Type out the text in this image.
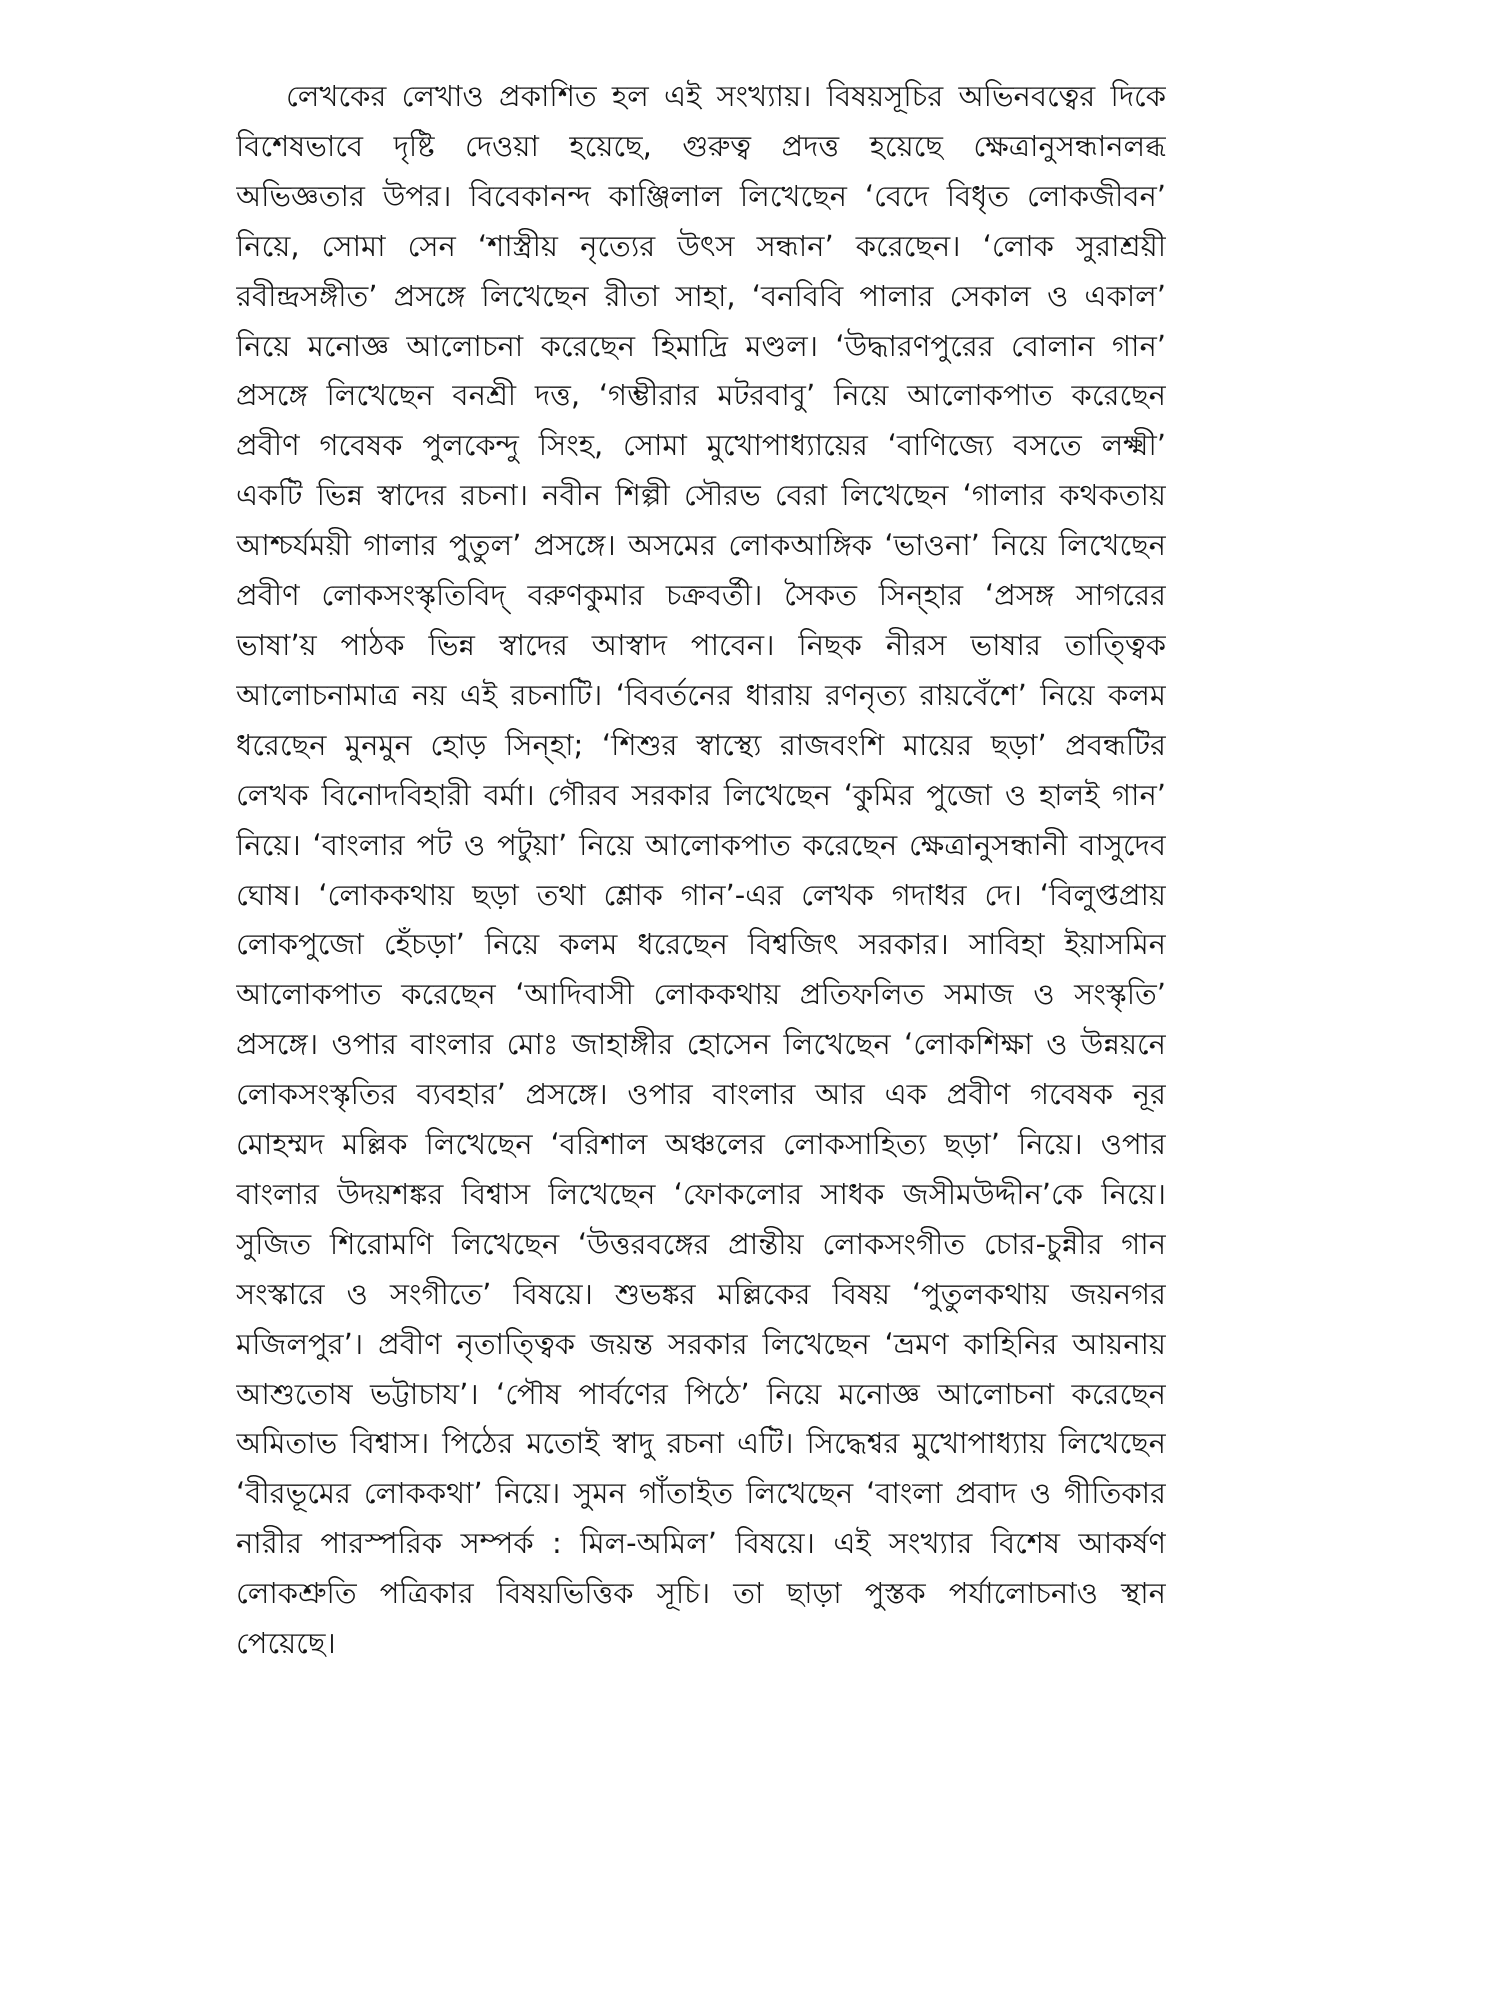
লেখকের লেখাও প্রকাশিত হল এই সংখ্যায়। বিষয়সূচির অভিনবত্বের দিকে বিশেষভাবে দৃষ্টি দেওয়া হয়েছে, গুরুত্ব প্রদত্ত হয়েছে ক্ষেত্রানুসন্ধানলব্ধ অভিজ্ঞতার উপর। বিবেকানন্দ কাঞ্জিলাল লিখেছেন ‘বেদে বিধৃত লোকজীবন’ নিয়ে, সোমা সেন ‘শাস্ত্রীয় নৃত্যের উৎস সন্ধান’ করেছেন। ‘লোক সুরাশ্রয়ী রবীন্দ্রসঙ্গীত’ প্রসঙ্গে লিখেছেন রীতা সাহা, ‘বনবিবি পালার সেকাল ও একাল’ নিয়ে মনোজ্ঞ আলোচনা করেছেন হিমাদ্রি মণ্ডল। ‘উদ্ধারণপুরের বোলান গান’ প্রসঙ্গে লিখেছেন বনশ্রী দত্ত, ‘গম্ভীরার মটরবাবু’ নিয়ে আলোকপাত করেছেন প্রবীণ গবেষক পুলকেন্দু সিংহ, সোমা মুখোপাধ্যায়ের ‘বাণিজ্যে বসতে লক্ষ্মী’ একটি ভিন্ন স্বাদের রচনা। নবীন শিল্পী সৌরভ বেরা লিখেছেন ‘গালার কথকতায় আশ্চর্যময়ী গালার পুতুল’ প্রসঙ্গে। অসমের লোকআঙ্গিক ‘ভাওনা’ নিয়ে লিখেছেন প্রবীণ লোকসংস্কৃতিবিদ্ বরুণকুমার চক্রবর্তী। সৈকত সিন্‌হার ‘প্রসঙ্গ সাগরের ভাষা’য় পাঠক ভিন্ন স্বাদের আস্বাদ পাবেন। নিছক নীরস ভাষার তাত্ত্বিক আলোচনামাত্র নয় এই রচনাটি। ‘বিবর্তনের ধারায় রণনৃত্য রায়বেঁশে’ নিয়ে কলম ধরেছেন মুনমুন হোড় সিন্‌হা; ‘শিশুর স্বাস্থ্যে রাজবংশি মায়ের ছড়া’ প্রবন্ধটির লেখক বিনোদবিহারী বর্মা। গৌরব সরকার লিখেছেন ‘কুমির পুজো ও হালই গান’ নিয়ে। ‘বাংলার পট ও পটুয়া’ নিয়ে আলোকপাত করেছেন ক্ষেত্রানুসন্ধানী বাসুদেব ঘোষ। ‘লোককথায় ছড়া তথা শ্লোক গান’-এর লেখক গদাধর দে। ‘বিলুপ্তপ্রায় লোকপুজো হেঁচড়া’ নিয়ে কলম ধরেছেন বিশ্বজিৎ সরকার। সাবিহা ইয়াসমিন আলোকপাত করেছেন ‘আদিবাসী লোককথায় প্রতিফলিত সমাজ ও সংস্কৃতি’ প্রসঙ্গে। ওপার বাংলার মোঃ জাহাঙ্গীর হোসেন লিখেছেন ‘লোকশিক্ষা ও উন্নয়নে লোকসংস্কৃতির ব্যবহার’ প্রসঙ্গে। ওপার বাংলার আর এক প্রবীণ গবেষক নূর মোহম্মদ মল্লিক লিখেছেন ‘বরিশাল অঞ্চলের লোকসাহিত্য ছড়া’ নিয়ে। ওপার বাংলার উদয়শঙ্কর বিশ্বাস লিখেছেন ‘ফোকলোর সাধক জসীমউদ্দীন’কে নিয়ে। সুজিত শিরোমণি লিখেছেন ‘উত্তরবঙ্গের প্রান্তীয় লোকসংগীত চোর-চুন্নীর গান সংস্কারে ও সংগীতে’ বিষয়ে। শুভঙ্কর মল্লিকের বিষয় ‘পুতুলকথায় জয়নগর মজিলপুর’। প্রবীণ নৃতাত্ত্বিক জয়ন্ত সরকার লিখেছেন ‘ভ্রমণ কাহিনির আয়নায় আশুতোষ ভট্টাচায’। ‘পৌষ পার্বণের পিঠে’ নিয়ে মনোজ্ঞ আলোচনা করেছেন অমিতাভ বিশ্বাস। পিঠের মতোই স্বাদু রচনা এটি। সিদ্ধেশ্বর মুখোপাধ্যায় লিখেছেন ‘বীরভূমের লোককথা’ নিয়ে। সুমন গাঁতাইত লিখেছেন ‘বাংলা প্রবাদ ও গীতিকার নারীর পারস্পরিক সম্পর্ক : মিল-অমিল’ বিষয়ে। এই সংখ্যার বিশেষ আকর্ষণ লোকশ্রুতি পত্রিকার বিষয়ভিত্তিক সূচি। তা ছাড়া পুস্তক পর্যালোচনাও স্থান পেয়েছে।
